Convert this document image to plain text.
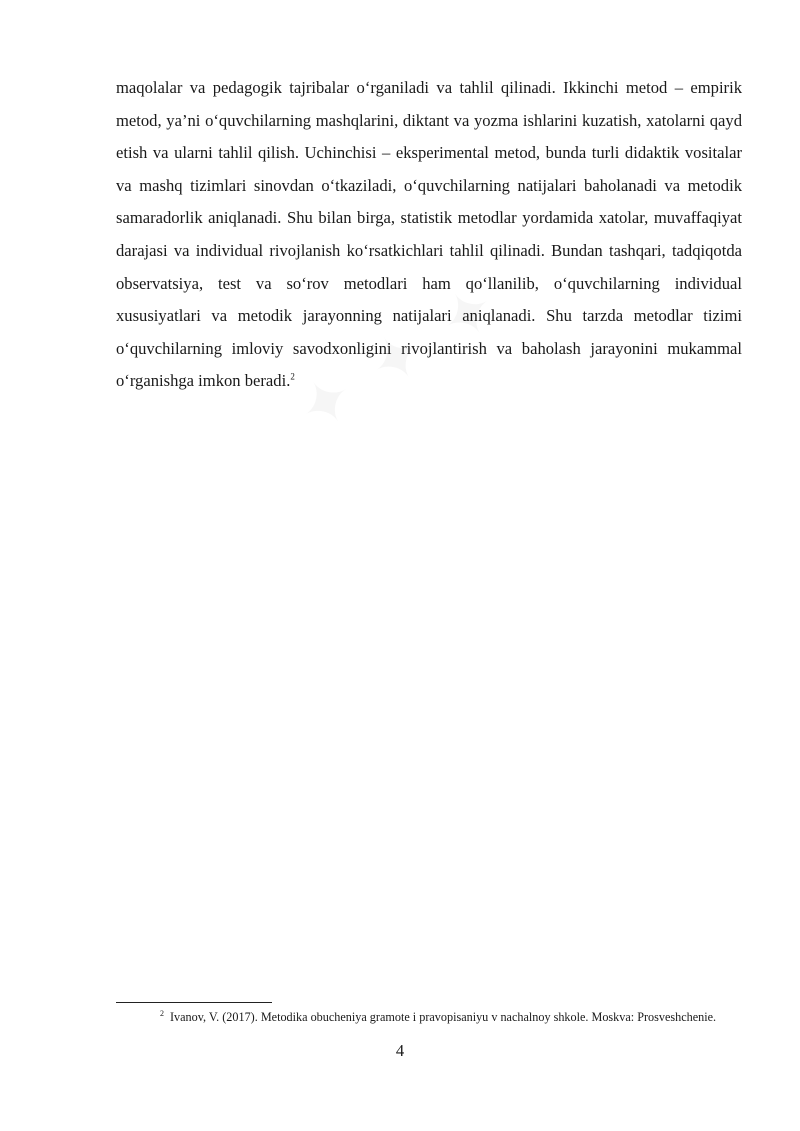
maqolalar va pedagogik tajribalar o‘rganiladi va tahlil qilinadi. Ikkinchi metod – empirik metod, ya’ni o‘quvchilarning mashqlarini, diktant va yozma ishlarini kuzatish, xatolarni qayd etish va ularni tahlil qilish. Uchinchisi – eksperimental metod, bunda turli didaktik vositalar va mashq tizimlari sinovdan o‘tkaziladi, o‘quvchilarning natijalari baholanadi va metodik samaradorlik aniqlanadi. Shu bilan birga, statistik metodlar yordamida xatolar, muvaffaqiyat darajasi va individual rivojlanish ko‘rsatkichlari tahlil qilinadi. Bundan tashqari, tadqiqotda observatsiya, test va so‘rov metodlari ham qo‘llanilib, o‘quvchilarning individual xususiyatlari va metodik jarayonning natijalari aniqlanadi. Shu tarzda metodlar tizimi o‘quvchilarning imloviy savodxonligini rivojlantirish va baholash jarayonini mukammal o‘rganishga imkon beradi.$^2$

$^2$ Ivanov, V. (2017). Metodika obucheniya gramote i pravopisaniyu v nachalnoy shkole. Moskva: Prosveshchenie.

4
